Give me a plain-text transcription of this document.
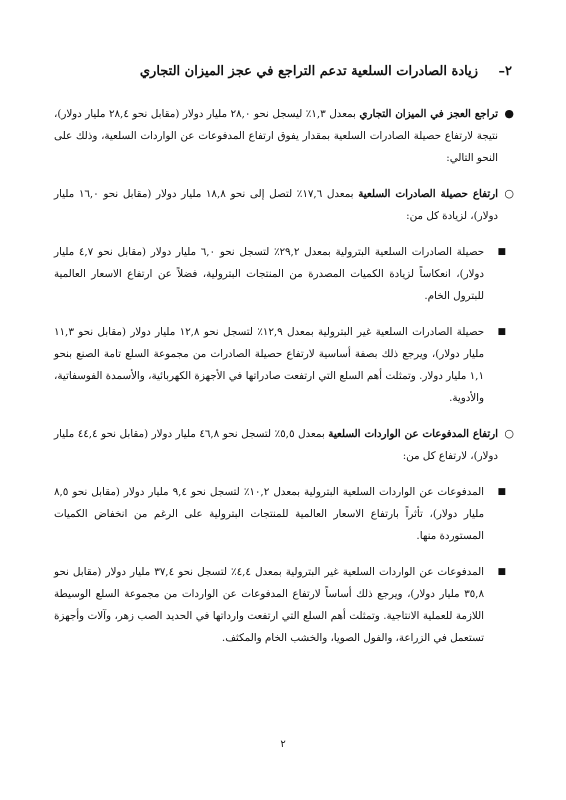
٢–
زيادة الصادرات السلعية تدعم التراجع في عجز الميزان التجاري
●
تراجع العجز في الميزان التجاري بمعدل ١,٣٪ ليسجل نحو ٢٨,٠ مليار دولار (مقابل نحو ٢٨,٤ مليار دولار)، نتيجة لارتفاع حصيلة الصادرات السلعية بمقدار يفوق ارتفاع المدفوعات عن الواردات السلعية، وذلك على النحو التالي:
○
ارتفاع حصيلة الصادرات السلعية بمعدل ١٧,٦٪ لتصل إلى نحو ١٨,٨ مليار دولار (مقابل نحو ١٦,٠ مليار دولار)، لزيادة كل من:
■
حصيلة الصادرات السلعية البترولية بمعدل ٢٩,٢٪ لتسجل نحو ٦,٠ مليار دولار (مقابل نحو ٤,٧ مليار دولار)، انعكاساً لزيادة الكميات المصدرة من المنتجات البترولية، فضلاً عن ارتفاع الاسعار العالمية للبترول الخام.
■
حصيلة الصادرات السلعية غير البترولية بمعدل ١٢,٩٪ لتسجل نحو ١٢,٨ مليار دولار (مقابل نحو ١١,٣ مليار دولار)، ويرجع ذلك بصفة أساسية لارتفاع حصيلة الصادرات من مجموعة السلع تامة الصنع بنحو ١,١ مليار دولار. وتمثلت أهم السلع التي ارتفعت صادراتها في الأجهزة الكهربائية، والأسمدة الفوسفاتية، والأدوية.
○
ارتفاع المدفوعات عن الواردات السلعية بمعدل ٥,٥٪ لتسجل نحو ٤٦,٨ مليار دولار (مقابل نحو ٤٤,٤ مليار دولار)، لارتفاع كل من:
■
المدفوعات عن الواردات السلعية البترولية بمعدل ١٠,٢٪ لتسجل نحو ٩,٤ مليار دولار (مقابل نحو ٨,٥ مليار دولار)، تأثراً بارتفاع الاسعار العالمية للمنتجات البترولية على الرغم من انخفاض الكميات المستوردة منها.
■
المدفوعات عن الواردات السلعية غير البترولية بمعدل ٤,٤٪ لتسجل نحو ٣٧,٤ مليار دولار (مقابل نحو ٣٥,٨ مليار دولار)، ويرجع ذلك أساساً لارتفاع المدفوعات عن الواردات من مجموعة السلع الوسيطة اللازمة للعملية الانتاجية. وتمثلت أهم السلع التي ارتفعت وارداتها في الحديد الصب زهر، وآلات وأجهزة تستعمل في الزراعة، والفول الصويا، والخشب الخام والمكثف.
٢
